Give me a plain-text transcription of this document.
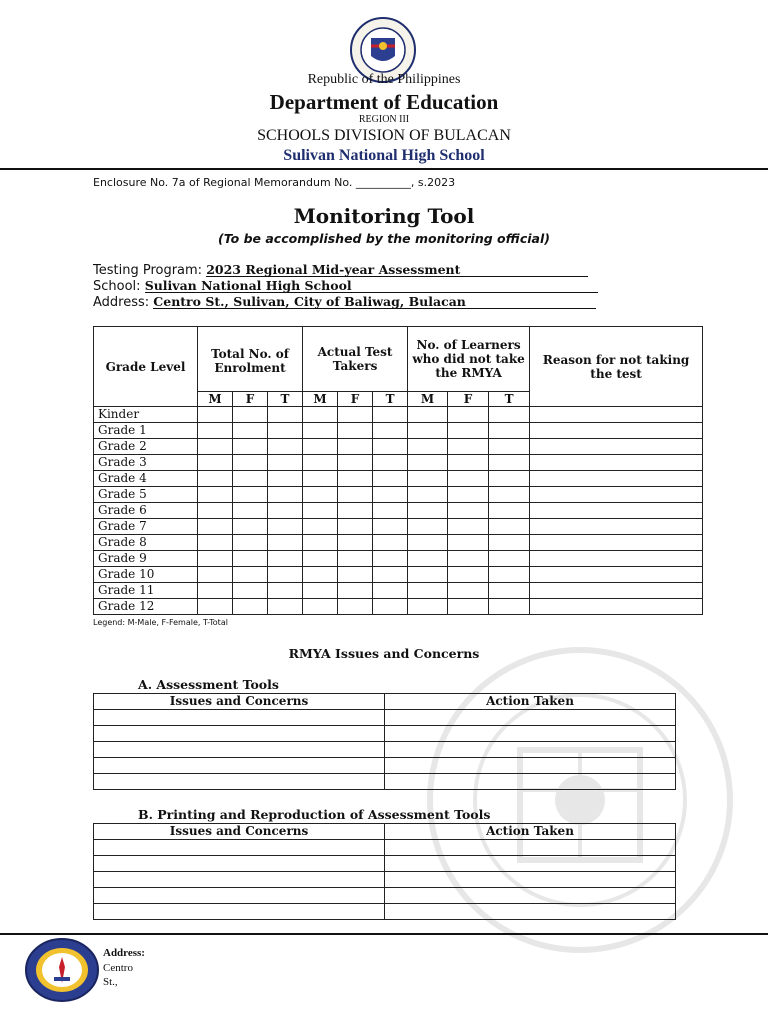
Republic of the Philippines
Department of Education
REGION III
SCHOOLS DIVISION OF BULACAN
Sulivan National High School
Enclosure No. 7a of Regional Memorandum No. __________, s.2023
Monitoring Tool
(To be accomplished by the monitoring official)
Testing Program: 2023 Regional Mid-year Assessment
School: Sulivan National High School
Address: Centro St., Sulivan, City of Baliwag, Bulacan
Grade Level	Total No. of Enrolment			Actual Test Takers			No. of Learners who did not take the RMYA			Reason for not taking the test
	M	F	T	M	F	T	M	F	T	
Kinder										
Grade 1										
Grade 2										
Grade 3										
Grade 4										
Grade 5										
Grade 6										
Grade 7										
Grade 8										
Grade 9										
Grade 10										
Grade 11										
Grade 12										
Legend: M-Male, F-Female, T-Total
RMYA Issues and Concerns
A. Assessment Tools
Issues and Concerns	Action Taken

B. Printing and Reproduction of Assessment Tools
Issues and Concerns	Action Taken

Address:
Centro
St.,
